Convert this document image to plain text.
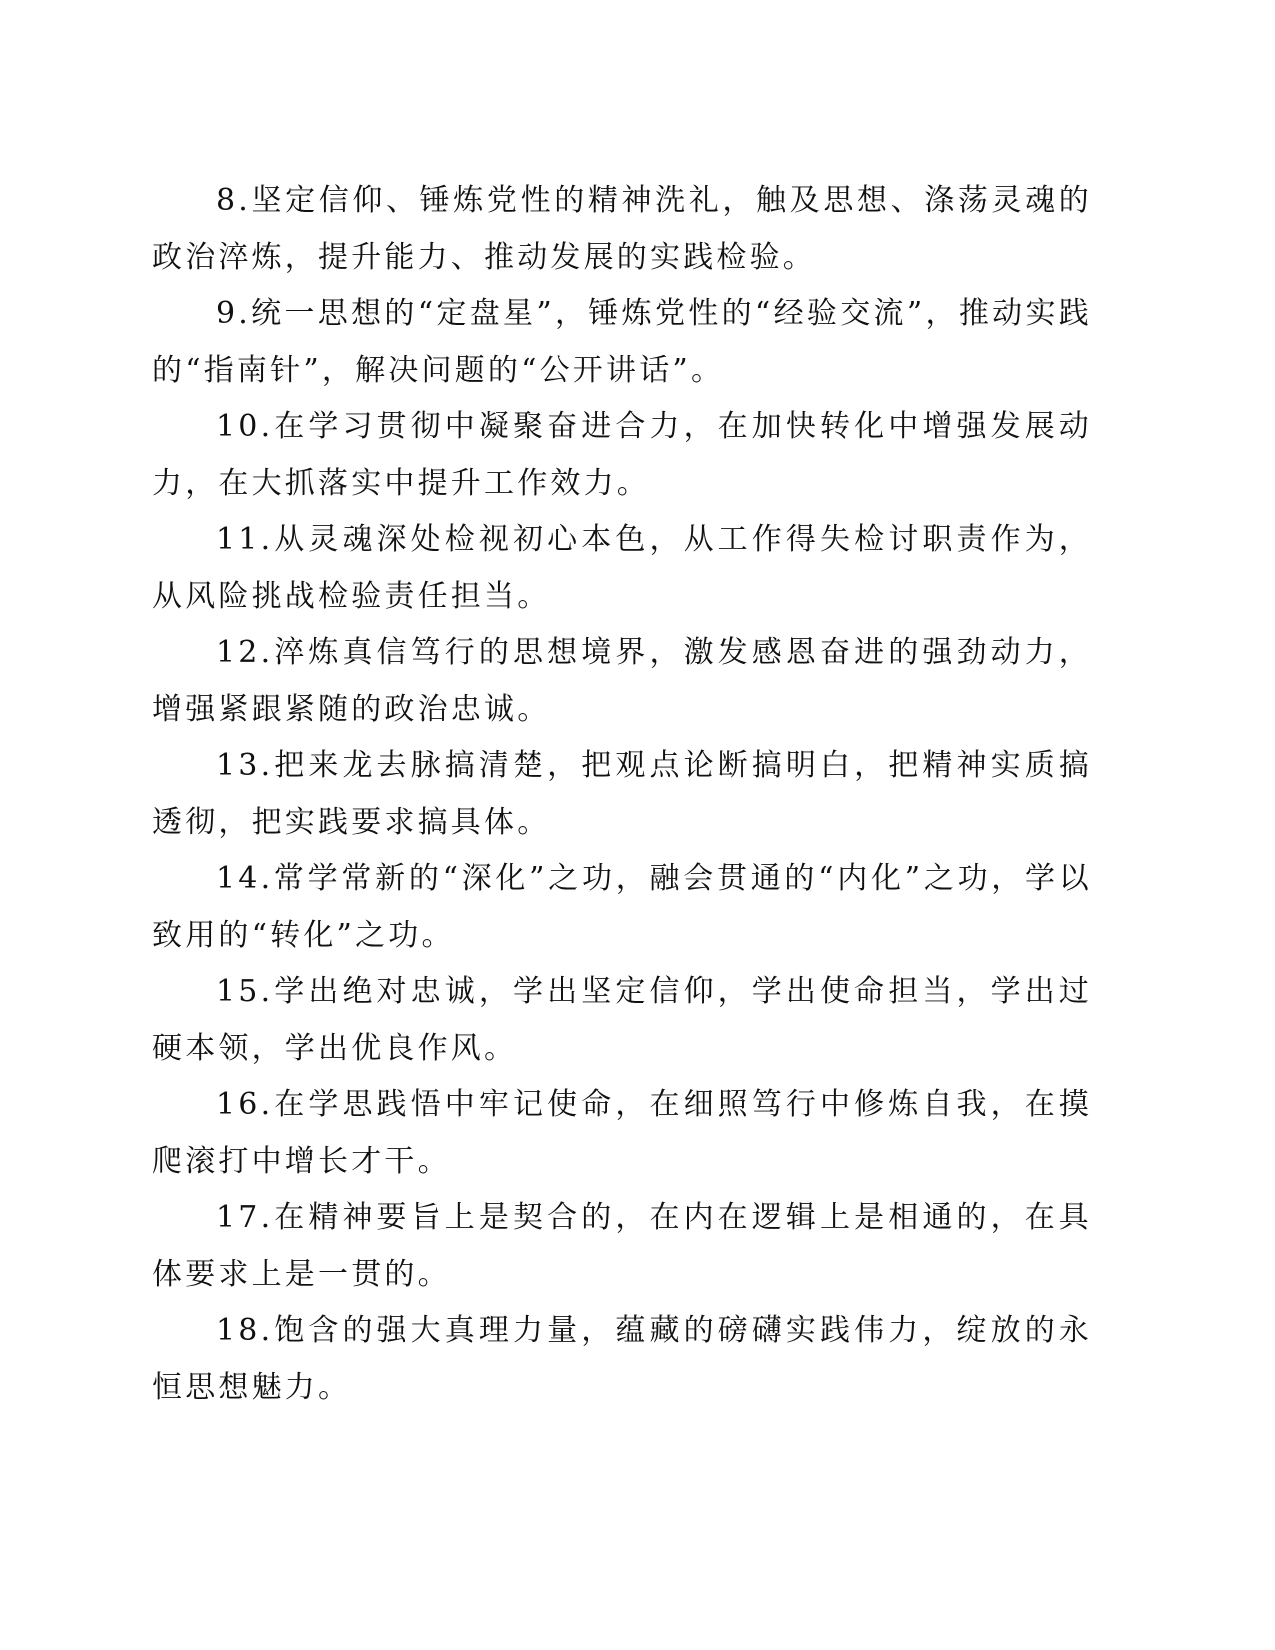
8.坚定信仰、锤炼党性的精神洗礼，触及思想、涤荡灵魂的政治淬炼，提升能力、推动发展的实践检验。

9.统一思想的“定盘星”，锤炼党性的“经验交流”，推动实践的“指南针”，解决问题的“公开讲话”。

10.在学习贯彻中凝聚奋进合力，在加快转化中增强发展动力，在大抓落实中提升工作效力。

11.从灵魂深处检视初心本色，从工作得失检讨职责作为，从风险挑战检验责任担当。

12.淬炼真信笃行的思想境界，激发感恩奋进的强劲动力，增强紧跟紧随的政治忠诚。

13.把来龙去脉搞清楚，把观点论断搞明白，把精神实质搞透彻，把实践要求搞具体。

14.常学常新的“深化”之功，融会贯通的“内化”之功，学以致用的“转化”之功。

15.学出绝对忠诚，学出坚定信仰，学出使命担当，学出过硬本领，学出优良作风。

16.在学思践悟中牢记使命，在细照笃行中修炼自我，在摸爬滚打中增长才干。

17.在精神要旨上是契合的，在内在逻辑上是相通的，在具体要求上是一贯的。

18.饱含的强大真理力量，蕴藏的磅礴实践伟力，绽放的永恒思想魅力。
